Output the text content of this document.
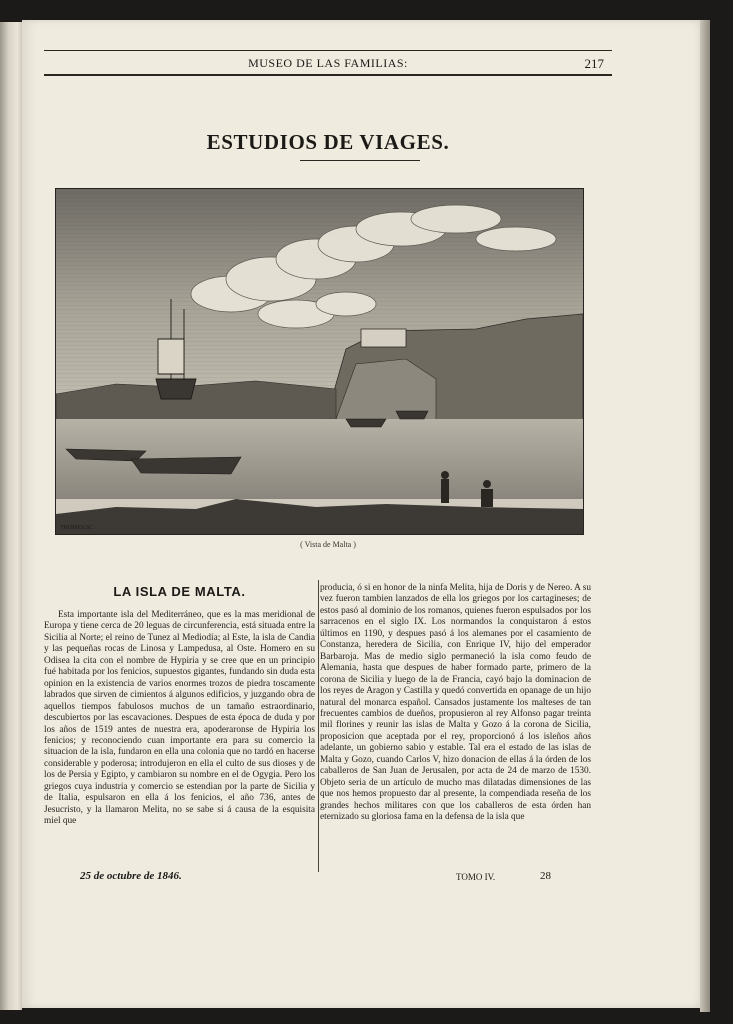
MUSEO DE LAS FAMILIAS:	217
ESTUDIOS DE VIAGES.
TROMES.SC.
( Vista de Malta )
LA ISLA DE MALTA.

Esta importante isla del Mediterráneo, que es la mas meridional de Europa y tiene cerca de 20 leguas de circunferencia, está situada entre la Sicilia al Norte; el reino de Tunez al Mediodía; al Este, la isla de Candia y las pequeñas rocas de Linosa y Lampedusa, al Oste. Homero en su Odisea la cita con el nombre de Hypiria y se cree que en un principio fué habitada por los fenicios, supuestos gigantes, fundando sin duda esta opinion en la existencia de varios enormes trozos de piedra toscamente labrados que sirven de cimientos á algunos edificios, y juzgando obra de aquellos tiempos fabulosos muchos de un tamaño estraordinario, descubiertos por las escavaciones. Despues de esta época de duda y por los años de 1519 antes de nuestra era, apoderaronse de Hypiria los fenicios; y reconociendo cuan importante era para su comercio la situacion de la isla, fundaron en ella una colonia que no tardó en hacerse considerable y poderosa; introdujeron en ella el culto de sus dioses y de los de Persia y Egipto, y cambiaron su nombre en el de Ogygia. Pero los griegos cuya industria y comercio se estendian por la parte de Sicilia y de Italia, espulsaron en ella á los fenicios, el año 736, antes de Jesucristo, y la llamaron Melita, no se sabe si á causa de la esquisita miel que

producia, ó si en honor de la ninfa Melita, hija de Doris y de Nereo. A su vez fueron tambien lanzados de ella los griegos por los cartagineses; de estos pasó al dominio de los romanos, quienes fueron espulsados por los sarracenos en el siglo IX. Los normandos la conquistaron á estos últimos en 1190, y despues pasó á los alemanes por el casamiento de Constanza, heredera de Sicilia, con Enrique IV, hijo del emperador Barbaroja. Mas de medio siglo permaneció la isla como feudo de Alemania, hasta que despues de haber formado parte, primero de la corona de Sicilia y luego de la de Francia, cayó bajo la dominacion de los reyes de Aragon y Castilla y quedó convertida en opanage de un hijo natural del monarca español. Cansados justamente los malteses de tan frecuentes cambios de dueños, propusieron al rey Alfonso pagar treinta mil florines y reunir las islas de Malta y Gozo á la corona de Sicilia, proposicion que aceptada por el rey, proporcionó á los isleños años adelante, un gobierno sabio y estable. Tal era el estado de las islas de Malta y Gozo, cuando Carlos V, hizo donacion de ellas á la órden de los caballeros de San Juan de Jerusalen, por acta de 24 de marzo de 1530. Objeto seria de un artículo de mucho mas dilatadas dimensiones de las que nos hemos propuesto dar al presente, la compendiada reseña de los grandes hechos militares con que los caballeros de esta órden han eternizado su gloriosa fama en la defensa de la isla que

25 de octubre de 1846.	TOMO IV.	28
